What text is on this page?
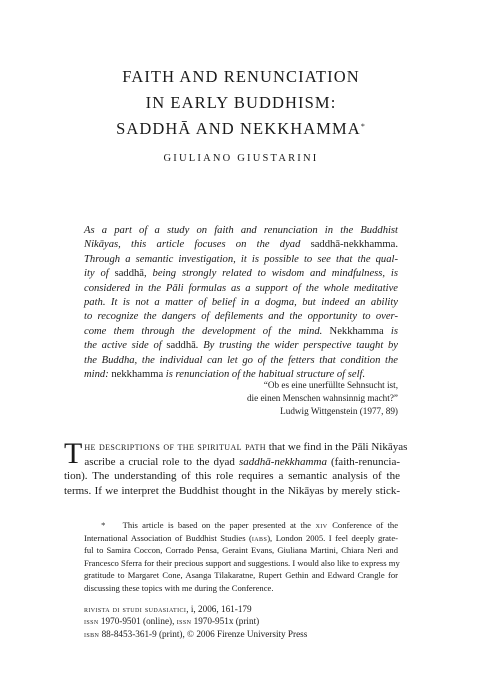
FAITH AND RENUNCIATION
IN EARLY BUDDHISM:
SADDHĀ AND NEKKHAMMA*
GIULIANO GIUSTARINI
As a part of a study on faith and renunciation in the Buddhist
Nikāyas, this article focuses on the dyad saddhā-nekkhamma.
Through a semantic investigation, it is possible to see that the qual-
ity of saddhā, being strongly related to wisdom and mindfulness, is
considered in the Pāli formulas as a support of the whole meditative
path. It is not a matter of belief in a dogma, but indeed an ability
to recognize the dangers of defilements and the opportunity to over-
come them through the development of the mind. Nekkhamma is
the active side of saddhā. By trusting the wider perspective taught by
the Buddha, the individual can let go of the fetters that condition the
mind: nekkhamma is renunciation of the habitual structure of self.
“Ob es eine unerfüllte Sehnsucht ist,
die einen Menschen wahnsinnig macht?”
Ludwig Wittgenstein (1977, 89)
T he descriptions of the spiritual path that we find in the Pāli Nikāyas
ascribe a crucial role to the dyad saddhā-nekkhamma (faith-renuncia-
tion). The understanding of this role requires a semantic analysis of the
terms. If we interpret the Buddhist thought in the Nikāyas by merely stick-
* This article is based on the paper presented at the xiv Conference of the
International Association of Buddhist Studies (iabs), London 2005. I feel deeply grate-
ful to Samira Coccon, Corrado Pensa, Geraint Evans, Giuliana Martini, Chiara Neri and
Francesco Sferra for their precious support and suggestions. I would also like to express my
gratitude to Margaret Cone, Asanga Tilakaratne, Rupert Gethin and Edward Crangle for
discussing these topics with me during the Conference.
rivista di studi sudasiatici, i, 2006, 161-179
issn 1970-9501 (online), issn 1970-951x (print)
isbn 88-8453-361-9 (print), © 2006 Firenze University Press
